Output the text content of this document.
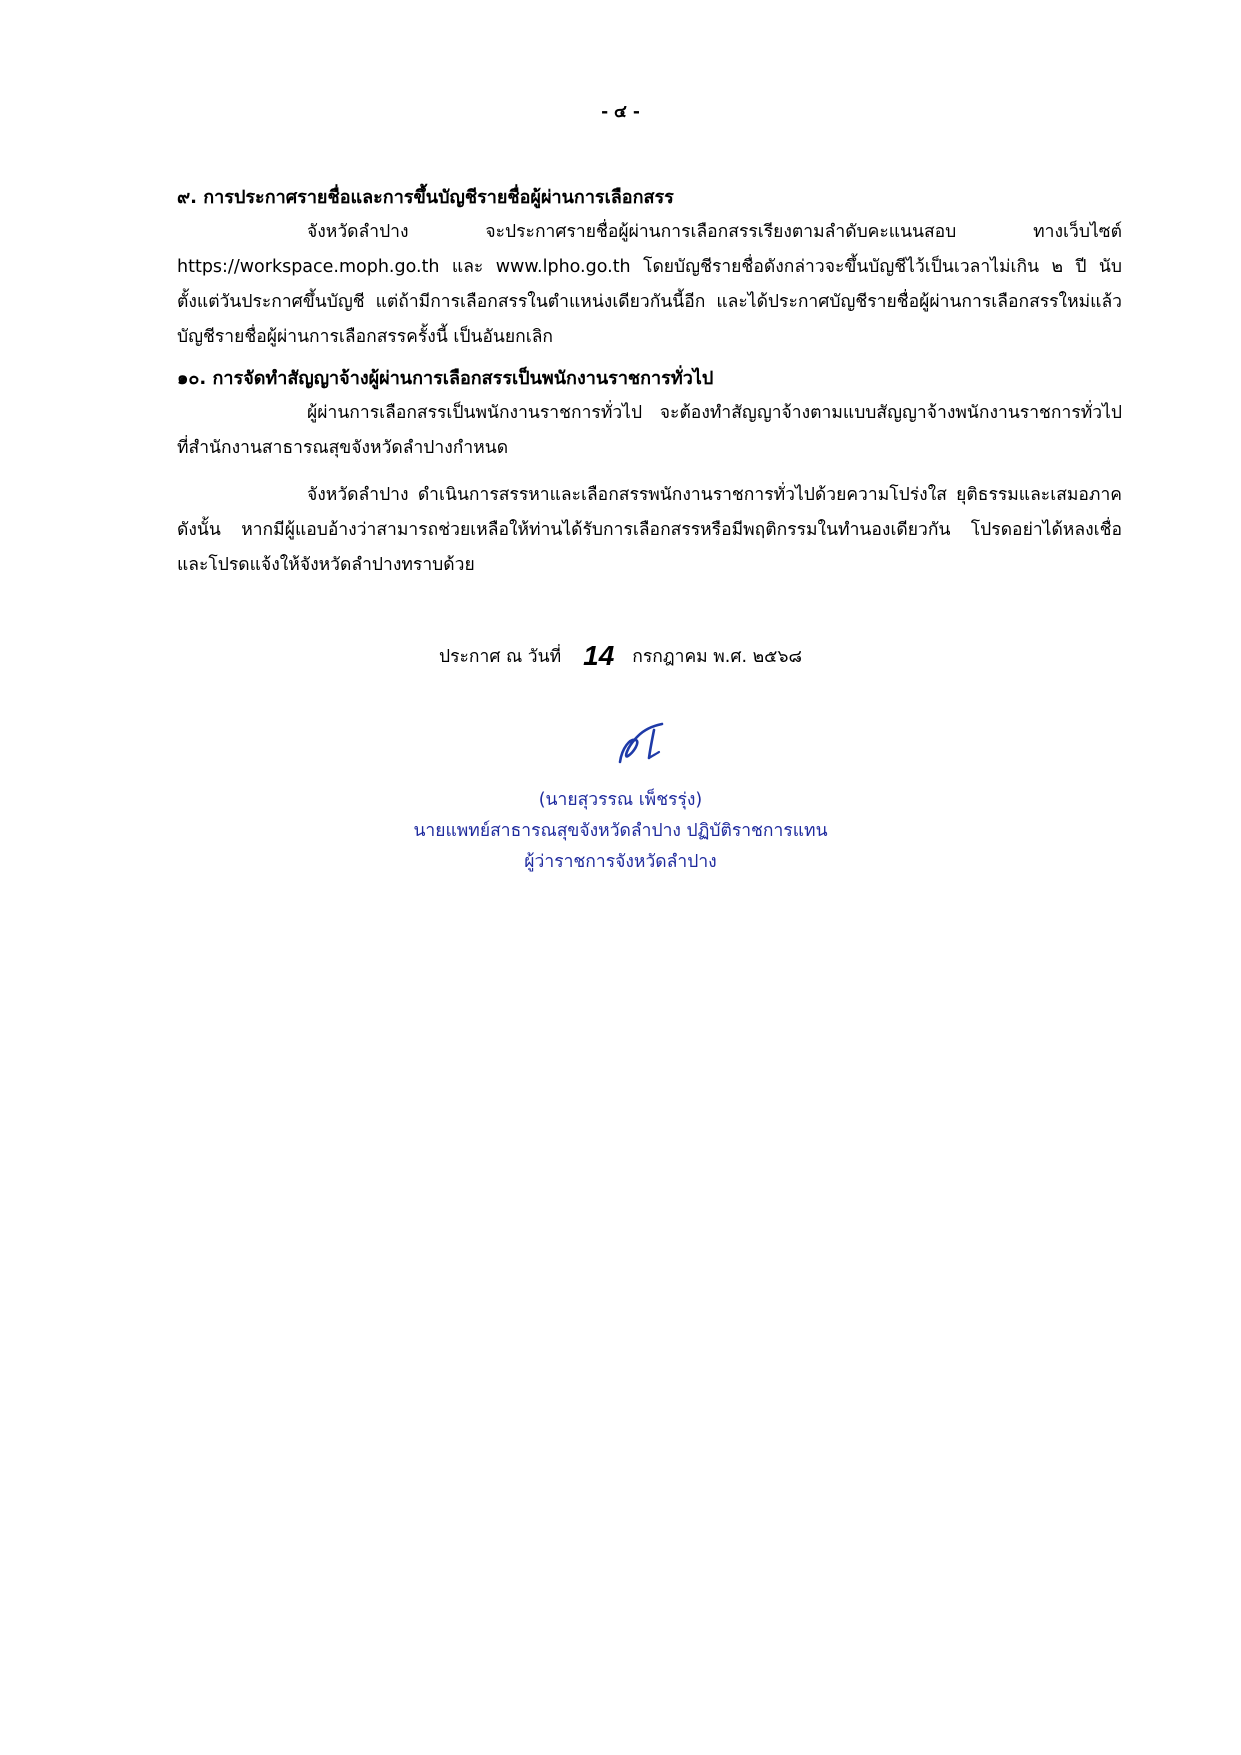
- ๔ -
๙. การประกาศรายชื่อและการขึ้นบัญชีรายชื่อผู้ผ่านการเลือกสรร

จังหวัดลำปาง จะประกาศรายชื่อผู้ผ่านการเลือกสรรเรียงตามลำดับคะแนนสอบ ทางเว็บไซต์ https://workspace.moph.go.th และ www.lpho.go.th โดยบัญชีรายชื่อดังกล่าวจะขึ้นบัญชีไว้เป็นเวลาไม่เกิน ๒ ปี นับตั้งแต่วันประกาศขึ้นบัญชี แต่ถ้ามีการเลือกสรรในตำแหน่งเดียวกันนี้อีก และได้ประกาศบัญชีรายชื่อผู้ผ่านการเลือกสรรใหม่แล้ว บัญชีรายชื่อผู้ผ่านการเลือกสรรครั้งนี้ เป็นอันยกเลิก

๑๐. การจัดทำสัญญาจ้างผู้ผ่านการเลือกสรรเป็นพนักงานราชการทั่วไป

ผู้ผ่านการเลือกสรรเป็นพนักงานราชการทั่วไป จะต้องทำสัญญาจ้างตามแบบสัญญาจ้างพนักงานราชการทั่วไป ที่สำนักงานสาธารณสุขจังหวัดลำปางกำหนด

จังหวัดลำปาง ดำเนินการสรรหาและเลือกสรรพนักงานราชการทั่วไปด้วยความโปร่งใส ยุติธรรมและเสมอภาค ดังนั้น หากมีผู้แอบอ้างว่าสามารถช่วยเหลือให้ท่านได้รับการเลือกสรรหรือมีพฤติกรรมในทำนองเดียวกัน โปรดอย่าได้หลงเชื่อและโปรดแจ้งให้จังหวัดลำปางทราบด้วย

ประกาศ ณ วันที่ 14 กรกฎาคม พ.ศ. ๒๕๖๘
(นายสุวรรณ เพ็ชรรุ่ง)
นายแพทย์สาธารณสุขจังหวัดลำปาง ปฏิบัติราชการแทน
ผู้ว่าราชการจังหวัดลำปาง
